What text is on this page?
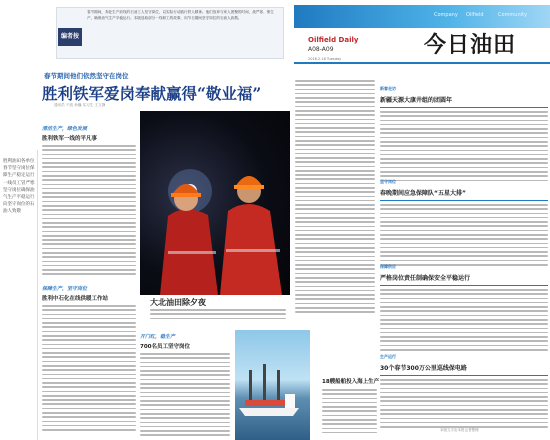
Company Oilfield	Community
Oilfield Daily
A08-A09
2016.2.16 Tuesday
今日油田
编者按
春节期间，奔赴生产前线的石油工人坚守岗位，以实际行动践行铁人精神。他们放弃与家人团聚的时间，战严寒、保生产，确保油气生产平稳运行。本版选取部分一线职工的故事，向节日期间坚守岗位的石油人致敬。
春节期间他们依然坚守在岗位
胜利铁军爱岗奉献赢得“敬业福”
通讯员 于凯 孙巍 实习生 王文静
胜利油田各单位春节坚守岗位保障生产稳定运行一线员工冒严寒坚守岗位确保油气生产平稳运行向坚守岗位的石油人致敬
清洁生产，绿色发展
胜利铁军一线的平凡事
保障生产，坚守岗位
胜利中石化在线供暖工作站	大北油田除夕夜
开门红，稳生产
700名员工坚守岗位
18艘船舶投入海上生产
新春走访
新疆天源大康井组的团圆年
坚守岗位
春晚期间应急保障队“五星大排”
保障供应
严格岗位责任制确保安全平稳运行
生产运行
30个春节300万公里巡线保电路
本版文字由本报记者整理
